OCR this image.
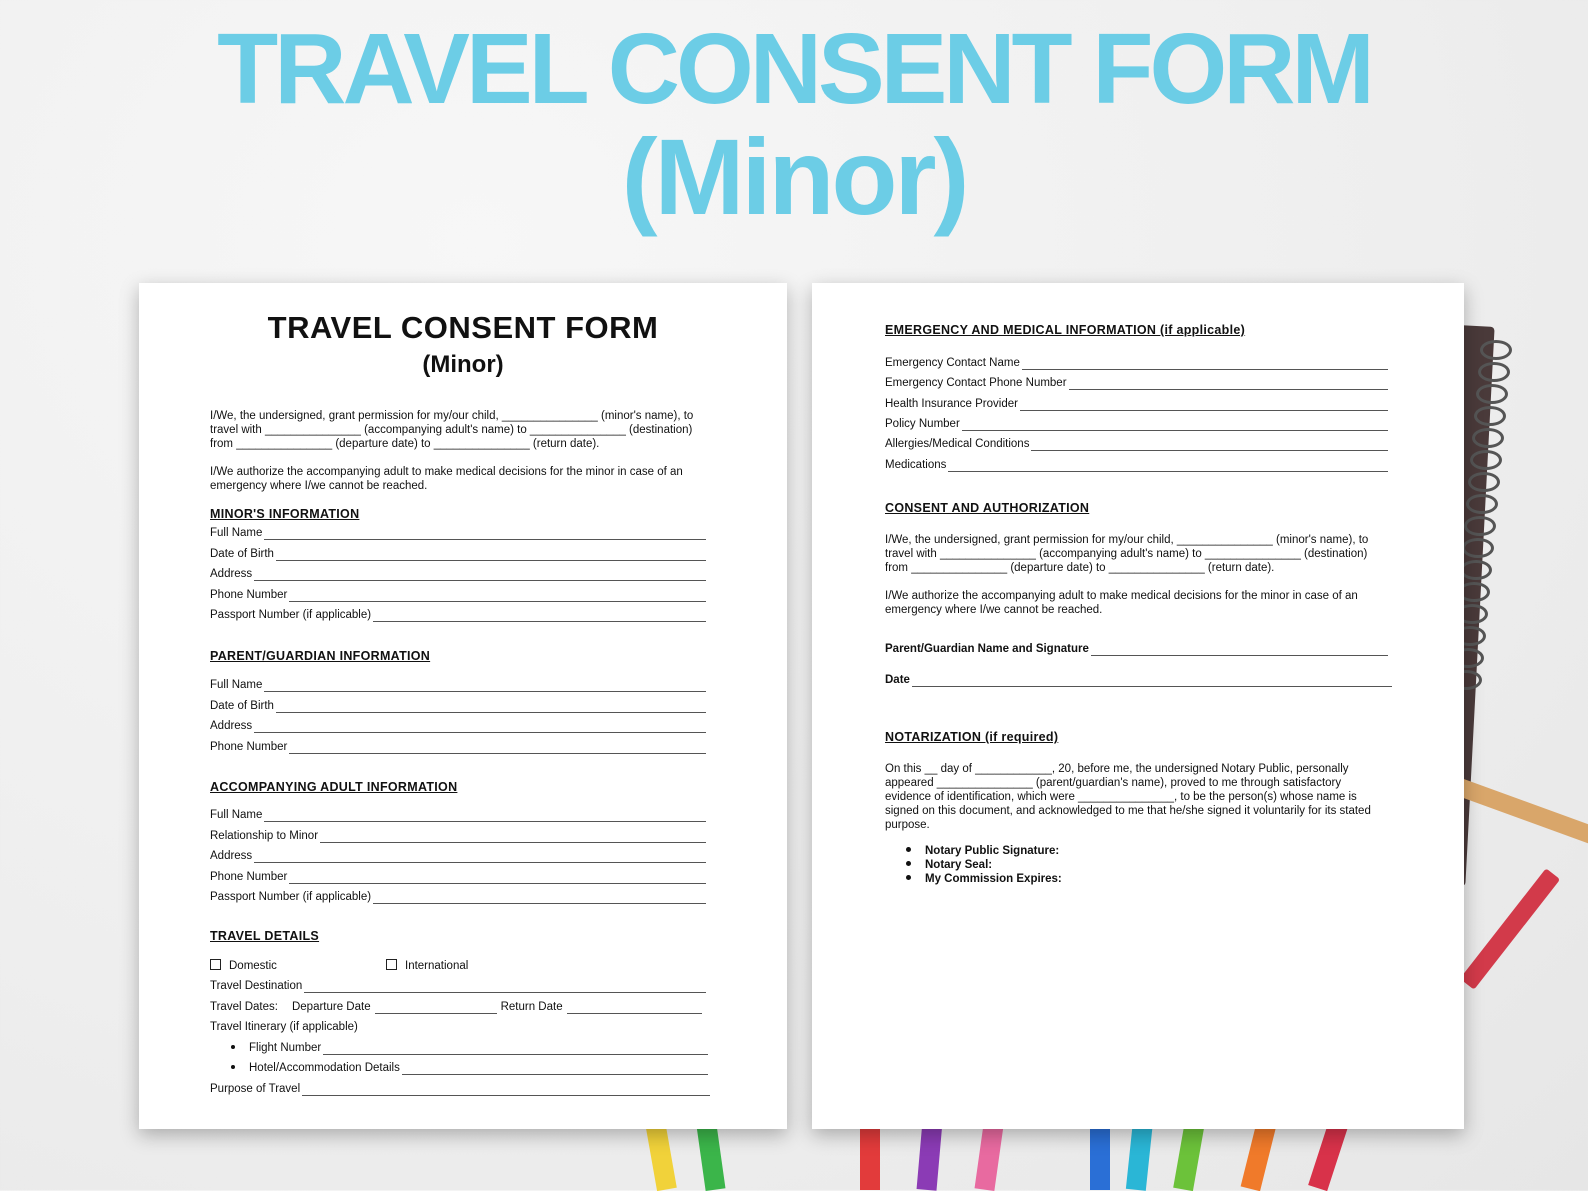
TRAVEL CONSENT FORM
(Minor)
TRAVEL CONSENT FORM
(Minor)
I/We, the undersigned, grant permission for my/our child, _______________ (minor's name), to
travel with _______________ (accompanying adult's name) to _______________ (destination)
from _______________ (departure date) to _______________ (return date).
I/We authorize the accompanying adult to make medical decisions for the minor in case of an
emergency where I/we cannot be reached.
MINOR'S INFORMATION
Full Name
Date of Birth
Address
Phone Number
Passport Number (if applicable)
PARENT/GUARDIAN INFORMATION
Full Name
Date of Birth
Address
Phone Number
ACCOMPANYING ADULT INFORMATION
Full Name
Relationship to Minor
Address
Phone Number
Passport Number (if applicable)
TRAVEL DETAILS
Domestic	International
Travel Destination
Travel Dates: Departure Date	Return Date
Travel Itinerary (if applicable)
Flight Number
Hotel/Accommodation Details
Purpose of Travel
EMERGENCY AND MEDICAL INFORMATION (if applicable)
Emergency Contact Name
Emergency Contact Phone Number
Health Insurance Provider
Policy Number
Allergies/Medical Conditions
Medications
CONSENT AND AUTHORIZATION
I/We, the undersigned, grant permission for my/our child, _______________ (minor's name), to
travel with _______________ (accompanying adult's name) to _______________ (destination)
from _______________ (departure date) to _______________ (return date).
I/We authorize the accompanying adult to make medical decisions for the minor in case of an
emergency where I/we cannot be reached.
Parent/Guardian Name and Signature
Date
NOTARIZATION (if required)
On this __ day of ____________, 20, before me, the undersigned Notary Public, personally
appeared _______________ (parent/guardian's name), proved to me through satisfactory
evidence of identification, which were _______________, to be the person(s) whose name is
signed on this document, and acknowledged to me that he/she signed it voluntarily for its stated
purpose.
Notary Public Signature:
Notary Seal:
My Commission Expires:
